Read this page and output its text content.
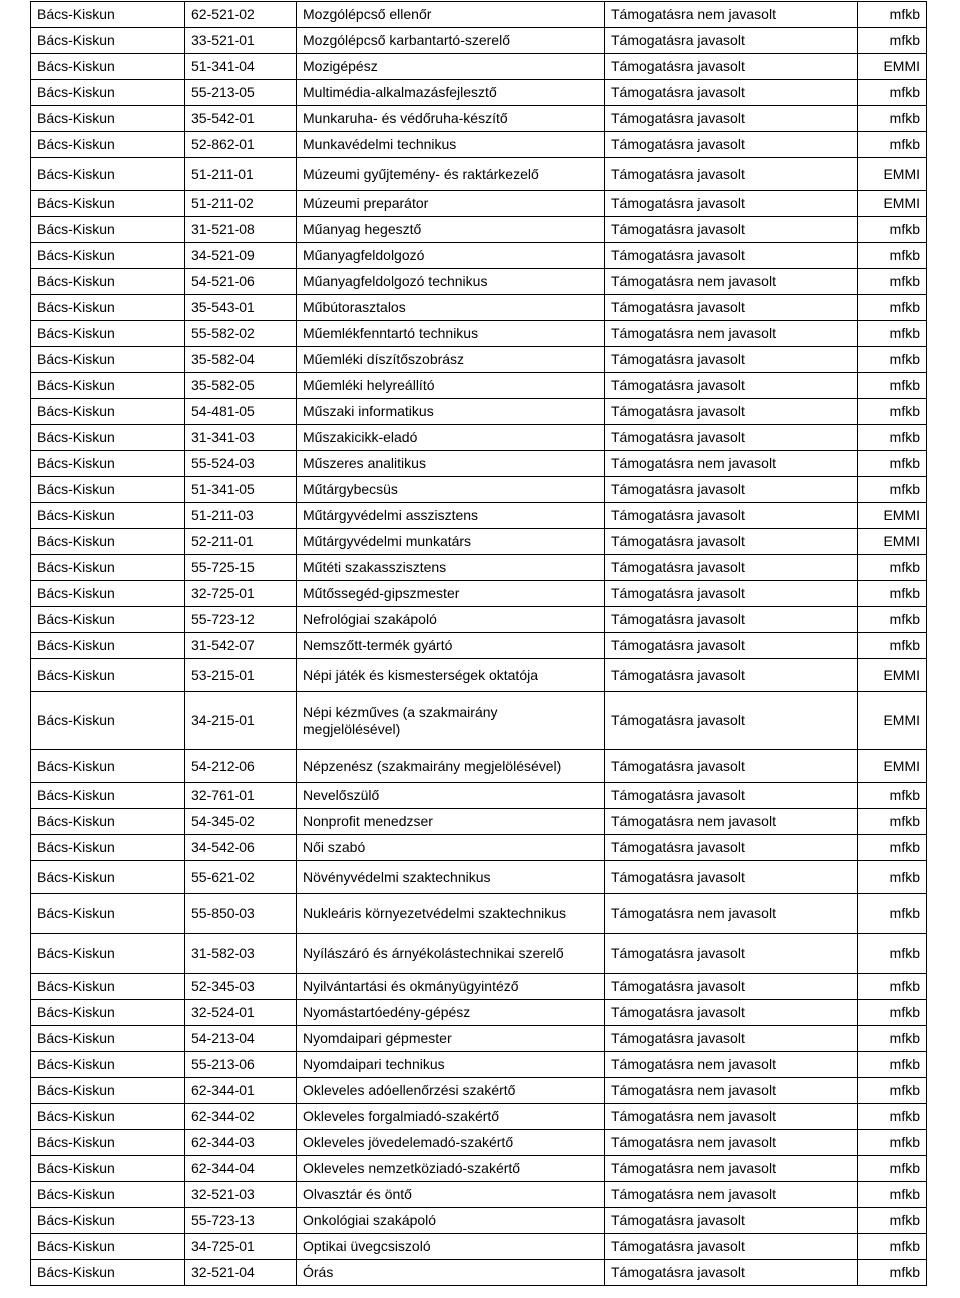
Bács-Kiskun	62-521-02	Mozgólépcső ellenőr	Támogatásra nem javasolt	mfkb
Bács-Kiskun	33-521-01	Mozgólépcső karbantartó-szerelő	Támogatásra javasolt	mfkb
Bács-Kiskun	51-341-04	Mozigépész	Támogatásra javasolt	EMMI
Bács-Kiskun	55-213-05	Multimédia-alkalmazásfejlesztő	Támogatásra javasolt	mfkb
Bács-Kiskun	35-542-01	Munkaruha- és védőruha-készítő	Támogatásra javasolt	mfkb
Bács-Kiskun	52-862-01	Munkavédelmi technikus	Támogatásra javasolt	mfkb
Bács-Kiskun	51-211-01	Múzeumi gyűjtemény- és raktárkezelő	Támogatásra javasolt	EMMI
Bács-Kiskun	51-211-02	Múzeumi preparátor	Támogatásra javasolt	EMMI
Bács-Kiskun	31-521-08	Műanyag hegesztő	Támogatásra javasolt	mfkb
Bács-Kiskun	34-521-09	Műanyagfeldolgozó	Támogatásra javasolt	mfkb
Bács-Kiskun	54-521-06	Műanyagfeldolgozó technikus	Támogatásra nem javasolt	mfkb
Bács-Kiskun	35-543-01	Műbútorasztalos	Támogatásra javasolt	mfkb
Bács-Kiskun	55-582-02	Műemlékfenntartó technikus	Támogatásra nem javasolt	mfkb
Bács-Kiskun	35-582-04	Műemléki díszítőszobrász	Támogatásra javasolt	mfkb
Bács-Kiskun	35-582-05	Műemléki helyreállító	Támogatásra javasolt	mfkb
Bács-Kiskun	54-481-05	Műszaki informatikus	Támogatásra javasolt	mfkb
Bács-Kiskun	31-341-03	Műszakicikk-eladó	Támogatásra javasolt	mfkb
Bács-Kiskun	55-524-03	Műszeres analitikus	Támogatásra nem javasolt	mfkb
Bács-Kiskun	51-341-05	Műtárgybecsüs	Támogatásra javasolt	mfkb
Bács-Kiskun	51-211-03	Műtárgyvédelmi asszisztens	Támogatásra javasolt	EMMI
Bács-Kiskun	52-211-01	Műtárgyvédelmi munkatárs	Támogatásra javasolt	EMMI
Bács-Kiskun	55-725-15	Műtéti szakasszisztens	Támogatásra javasolt	mfkb
Bács-Kiskun	32-725-01	Műtőssegéd-gipszmester	Támogatásra javasolt	mfkb
Bács-Kiskun	55-723-12	Nefrológiai szakápoló	Támogatásra javasolt	mfkb
Bács-Kiskun	31-542-07	Nemszőtt-termék gyártó	Támogatásra javasolt	mfkb
Bács-Kiskun	53-215-01	Népi játék és kismesterségek oktatója	Támogatásra javasolt	EMMI
Bács-Kiskun	34-215-01	Népi kézműves (a szakmairány megjelölésével)	Támogatásra javasolt	EMMI
Bács-Kiskun	54-212-06	Népzenész (szakmairány megjelölésével)	Támogatásra javasolt	EMMI
Bács-Kiskun	32-761-01	Nevelőszülő	Támogatásra javasolt	mfkb
Bács-Kiskun	54-345-02	Nonprofit menedzser	Támogatásra nem javasolt	mfkb
Bács-Kiskun	34-542-06	Női szabó	Támogatásra javasolt	mfkb
Bács-Kiskun	55-621-02	Növényvédelmi szaktechnikus	Támogatásra javasolt	mfkb
Bács-Kiskun	55-850-03	Nukleáris környezetvédelmi szaktechnikus	Támogatásra nem javasolt	mfkb
Bács-Kiskun	31-582-03	Nyílászáró és árnyékolástechnikai szerelő	Támogatásra javasolt	mfkb
Bács-Kiskun	52-345-03	Nyilvántartási és okmányügyintéző	Támogatásra javasolt	mfkb
Bács-Kiskun	32-524-01	Nyomástartóedény-gépész	Támogatásra javasolt	mfkb
Bács-Kiskun	54-213-04	Nyomdaipari gépmester	Támogatásra javasolt	mfkb
Bács-Kiskun	55-213-06	Nyomdaipari technikus	Támogatásra nem javasolt	mfkb
Bács-Kiskun	62-344-01	Okleveles adóellenőrzési szakértő	Támogatásra nem javasolt	mfkb
Bács-Kiskun	62-344-02	Okleveles forgalmiadó-szakértő	Támogatásra nem javasolt	mfkb
Bács-Kiskun	62-344-03	Okleveles jövedelemadó-szakértő	Támogatásra nem javasolt	mfkb
Bács-Kiskun	62-344-04	Okleveles nemzetköziadó-szakértő	Támogatásra nem javasolt	mfkb
Bács-Kiskun	32-521-03	Olvasztár és öntő	Támogatásra nem javasolt	mfkb
Bács-Kiskun	55-723-13	Onkológiai szakápoló	Támogatásra javasolt	mfkb
Bács-Kiskun	34-725-01	Optikai üvegcsiszoló	Támogatásra javasolt	mfkb
Bács-Kiskun	32-521-04	Órás	Támogatásra javasolt	mfkb
